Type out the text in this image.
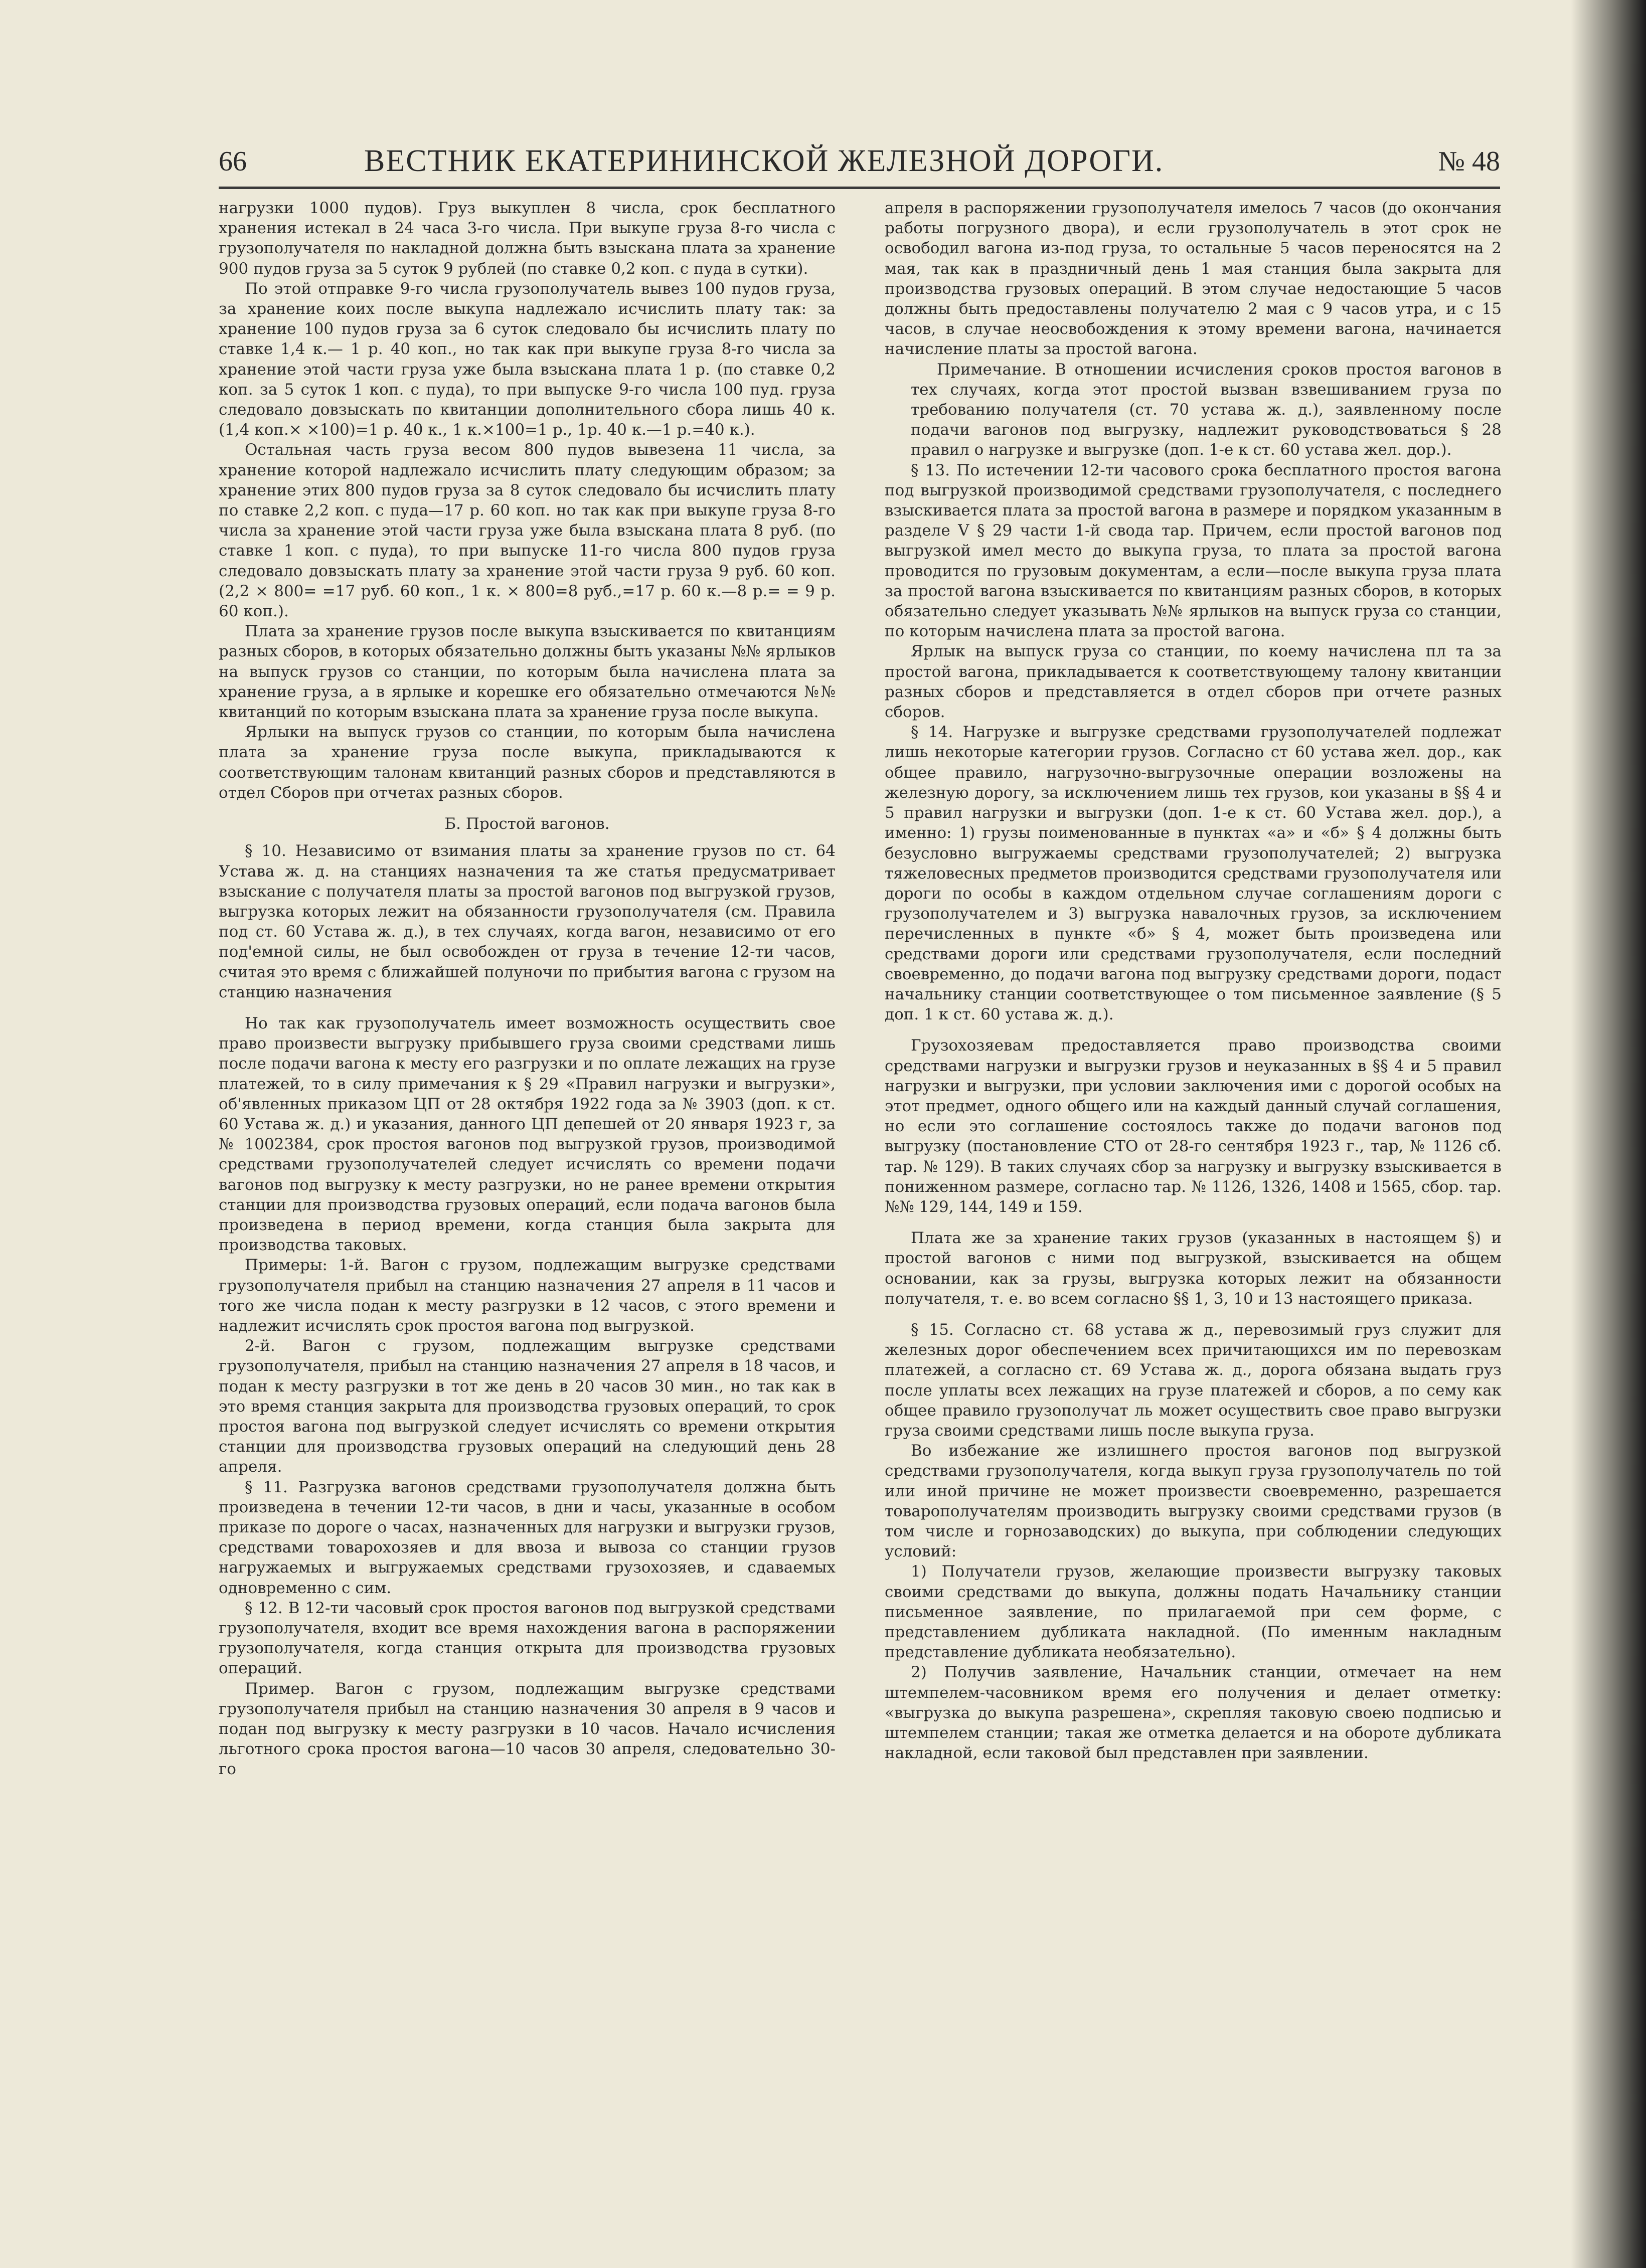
66	ВЕСТНИК ЕКАТЕРИНИНСКОЙ ЖЕЛЕЗНОЙ ДОРОГИ.	№ 48

нагрузки 1000 пудов). Груз выкуплен 8 числа, срок бесплатного хранения истекал в 24 часа 3-го числа. При выкупе груза 8-го числа с грузополучателя по накладной должна быть взыскана плата за хранение 900 пудов груза за 5 суток 9 рублей (по ставке 0,2 коп. с пуда в сутки).

По этой отправке 9-го числа грузополучатель вывез 100 пудов груза, за хранение коих после выкупа надлежало исчислить плату так: за хранение 100 пудов груза за 6 суток следовало бы исчислить плату по ставке 1,4 к.— 1 р. 40 коп., но так как при выкупе груза 8-го числа за хранение этой части груза уже была взыскана плата 1 р. (по ставке 0,2 коп. за 5 суток 1 коп. с пуда), то при выпуске 9-го числа 100 пуд. груза следовало довзыскать по квитанции дополнительного сбора лишь 40 к. (1,4 коп.× ×100)=1 р. 40 к., 1 к.×100=1 р., 1р. 40 к.—1 р.=40 к.).

Остальная часть груза весом 800 пудов вывезена 11 числа, за хранение которой надлежало исчислить плату следующим образом; за хранение этих 800 пудов груза за 8 суток следовало бы исчислить плату по ставке 2,2 коп. с пуда—17 р. 60 коп. но так как при выкупе груза 8-го числа за хранение этой части груза уже была взыскана плата 8 руб. (по ставке 1 коп. с пуда), то при выпуске 11-го числа 800 пудов груза следовало довзыскать плату за хранение этой части груза 9 руб. 60 коп. (2,2 × 800= =17 руб. 60 коп., 1 к. × 800=8 руб.,=17 р. 60 к.—8 р.= = 9 р. 60 коп.).

Плата за хранение грузов после выкупа взыскивается по квитанциям разных сборов, в которых обязательно должны быть указаны №№ ярлыков на выпуск грузов со станции, по которым была начислена плата за хранение груза, а в ярлыке и корешке его обязательно отмечаются №№ квитанций по которым взыскана плата за хранение груза после выкупа.

Ярлыки на выпуск грузов со станции, по которым была начислена плата за хранение груза после выкупа, прикладываются к соответствующим талонам квитанций разных сборов и представляются в отдел Сборов при отчетах разных сборов.

Б. Простой вагонов.

§ 10. Независимо от взимания платы за хранение грузов по ст. 64 Устава ж. д. на станциях назначения та же статья предусматривает взыскание с получателя платы за простой вагонов под выгрузкой грузов, выгрузка которых лежит на обязанности грузополучателя (см. Правила под ст. 60 Устава ж. д.), в тех случаях, когда вагон, независимо от его под'емной силы, не был освобожден от груза в течение 12-ти часов, считая это время с ближайшей полуночи по прибытия вагона с грузом на станцию назначения

Но так как грузополучатель имеет возможность осуществить свое право произвести выгрузку прибывшего груза своими средствами лишь после подачи вагона к месту его разгрузки и по оплате лежащих на грузе платежей, то в силу примечания к § 29 «Правил нагрузки и выгрузки», об'явленных приказом ЦП от 28 октября 1922 года за № 3903 (доп. к ст. 60 Устава ж. д.) и указания, данного ЦП депешей от 20 января 1923 г, за № 1002384, срок простоя вагонов под выгрузкой грузов, производимой средствами грузополучателей следует исчислять со времени подачи вагонов под выгрузку к месту разгрузки, но не ранее времени открытия станции для производства грузовых операций, если подача вагонов была произведена в период времени, когда станция была закрыта для производства таковых.

Примеры: 1-й. Вагон с грузом, подлежащим выгрузке средствами грузополучателя прибыл на станцию назначения 27 апреля в 11 часов и того же числа подан к месту разгрузки в 12 часов, с этого времени и надлежит исчислять срок простоя вагона под выгрузкой.

2-й. Вагон с грузом, подлежащим выгрузке средствами грузополучателя, прибыл на станцию назначения 27 апреля в 18 часов, и подан к месту разгрузки в тот же день в 20 часов 30 мин., но так как в это время станция закрыта для производства грузовых операций, то срок простоя вагона под выгрузкой следует исчислять со времени открытия станции для производства грузовых операций на следующий день 28 апреля.

§ 11. Разгрузка вагонов средствами грузополучателя должна быть произведена в течении 12-ти часов, в дни и часы, указанные в особом приказе по дороге о часах, назначенных для нагрузки и выгрузки грузов, средствами товарохозяев и для ввоза и вывоза со станции грузов нагружаемых и выгружаемых средствами грузохозяев, и сдаваемых одновременно с сим.

§ 12. В 12-ти часовый срок простоя вагонов под выгрузкой средствами грузополучателя, входит все время нахождения вагона в распоряжении грузополучателя, когда станция открыта для производства грузовых операций.

Пример. Вагон с грузом, подлежащим выгрузке средствами грузополучателя прибыл на станцию назначения 30 апреля в 9 часов и подан под выгрузку к месту разгрузки в 10 часов. Начало исчисления льготного срока простоя вагона—10 часов 30 апреля, следовательно 30-го

апреля в распоряжении грузополучателя имелось 7 часов (до окончания работы погрузного двора), и если грузополучатель в этот срок не освободил вагона из-под груза, то остальные 5 часов переносятся на 2 мая, так как в праздничный день 1 мая станция была закрыта для производства грузовых операций. В этом случае недостающие 5 часов должны быть предоставлены получателю 2 мая с 9 часов утра, и с 15 часов, в случае неосвобождения к этому времени вагона, начинается начисление платы за простой вагона.

Примечание. В отношении исчисления сроков простоя вагонов в тех случаях, когда этот простой вызван взвешиванием груза по требованию получателя (ст. 70 устава ж. д.), заявленному после подачи вагонов под выгрузку, надлежит руководствоваться § 28 правил о нагрузке и выгрузке (доп. 1-е к ст. 60 устава жел. дор.).

§ 13. По истечении 12-ти часового срока бесплатного простоя вагона под выгрузкой производимой средствами грузополучателя, с последнего взыскивается плата за простой вагона в размере и порядком указанным в разделе V § 29 части 1-й свода тар. Причем, если простой вагонов под выгрузкой имел место до выкупа груза, то плата за простой вагона проводится по грузовым документам, а если—после выкупа груза плата за простой вагона взыскивается по квитанциям разных сборов, в которых обязательно следует указывать №№ ярлыков на выпуск груза со станции, по которым начислена плата за простой вагона.

Ярлык на выпуск груза со станции, по коему начислена пл та за простой вагона, прикладывается к соответствующему талону квитанции разных сборов и представляется в отдел сборов при отчете разных сборов.

§ 14. Нагрузке и выгрузке средствами грузополучателей подлежат лишь некоторые категории грузов. Согласно ст 60 устава жел. дор., как общее правило, нагрузочно-выгрузочные операции возложены на железную дорогу, за исключением лишь тех грузов, кои указаны в §§ 4 и 5 правил нагрузки и выгрузки (доп. 1-е к ст. 60 Устава жел. дор.), а именно: 1) грузы поименованные в пунктах «а» и «б» § 4 должны быть безусловно выгружаемы средствами грузополучателей; 2) выгрузка тяжеловесных предметов производится средствами грузополучателя или дороги по особы в каждом отдельном случае соглашениям дороги с грузополучателем и 3) выгрузка навалочных грузов, за исключением перечисленных в пункте «б» § 4, может быть произведена или средствами дороги или средствами грузополучателя, если последний своевременно, до подачи вагона под выгрузку средствами дороги, подаст начальнику станции соответствующее о том письменное заявление (§ 5 доп. 1 к ст. 60 устава ж. д.).

Грузохозяевам предоставляется право производства своими средствами нагрузки и выгрузки грузов и неуказанных в §§ 4 и 5 правил нагрузки и выгрузки, при условии заключения ими с дорогой особых на этот предмет, одного общего или на каждый данный случай соглашения, но если это соглашение состоялось также до подачи вагонов под выгрузку (постановление СТО от 28-го сентября 1923 г., тар, № 1126 сб. тар. № 129). В таких случаях сбор за нагрузку и выгрузку взыскивается в пониженном размере, согласно тар. № 1126, 1326, 1408 и 1565, сбор. тар. №№ 129, 144, 149 и 159.

Плата же за хранение таких грузов (указанных в настоящем §) и простой вагонов с ними под выгрузкой, взыскивается на общем основании, как за грузы, выгрузка которых лежит на обязанности получателя, т. е. во всем согласно §§ 1, 3, 10 и 13 настоящего приказа.

§ 15. Согласно ст. 68 устава ж д., перевозимый груз служит для железных дорог обеспечением всех причитающихся им по перевозкам платежей, а согласно ст. 69 Устава ж. д., дорога обязана выдать груз после уплаты всех лежащих на грузе платежей и сборов, а по сему как общее правило грузополучат ль может осуществить свое право выгрузки груза своими средствами лишь после выкупа груза.

Во избежание же излишнего простоя вагонов под выгрузкой средствами грузополучателя, когда выкуп груза грузополучатель по той или иной причине не может произвести своевременно, разрешается товарополучателям производить выгрузку своими средствами грузов (в том числе и горнозаводских) до выкупа, при соблюдении следующих условий:

1) Получатели грузов, желающие произвести выгрузку таковых своими средствами до выкупа, должны подать Начальнику станции письменное заявление, по прилагаемой при сем форме, с представлением дубликата накладной. (По именным накладным представление дубликата необязательно).

2) Получив заявление, Начальник станции, отмечает на нем штемпелем-часовником время его получения и делает отметку: «выгрузка до выкупа разрешена», скрепляя таковую своею подписью и штемпелем станции; такая же отметка делается и на обороте дубликата накладной, если таковой был представлен при заявлении.
